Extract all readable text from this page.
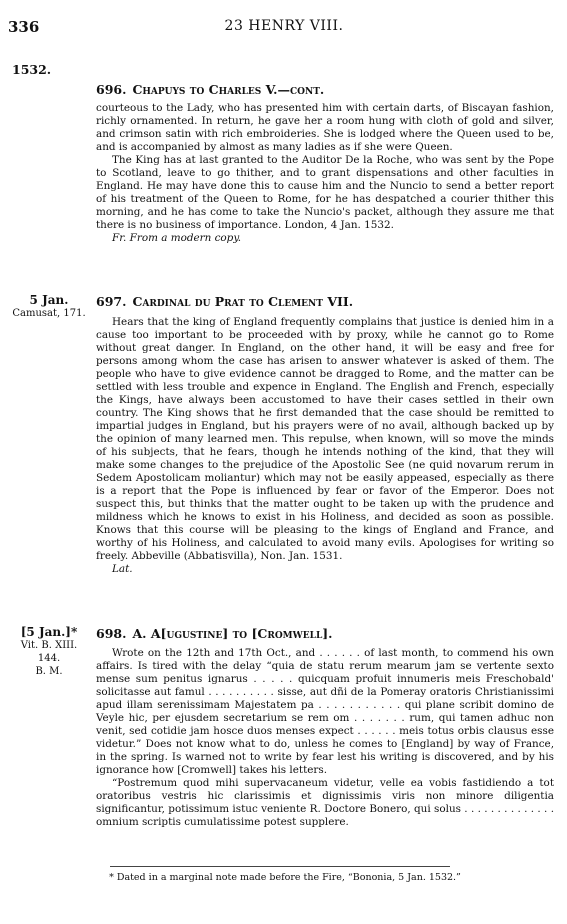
336	23 HENRY VIII.
1532.
696. Chapuys to Charles V.—cont.

courteous to the Lady, who has presented him with certain darts, of Biscayan fashion, richly ornamented. In return, he gave her a room hung with cloth of gold and silver, and crimson satin with rich embroideries. She is lodged where the Queen used to be, and is accompanied by almost as many ladies as if she were Queen.

The King has at last granted to the Auditor De la Roche, who was sent by the Pope to Scotland, leave to go thither, and to grant dispensations and other faculties in England. He may have done this to cause him and the Nuncio to send a better report of his treatment of the Queen to Rome, for he has despatched a courier thither this morning, and he has come to take the Nuncio's packet, although they assure me that there is no business of importance. London, 4 Jan. 1532.

Fr. From a modern copy.

5 Jan.
Camusat, 171.
697. Cardinal du Prat to Clement VII.

Hears that the king of England frequently complains that justice is denied him in a cause too important to be proceeded with by proxy, while he cannot go to Rome without great danger. In England, on the other hand, it will be easy and free for persons among whom the case has arisen to answer whatever is asked of them. The people who have to give evidence cannot be dragged to Rome, and the matter can be settled with less trouble and expence in England. The English and French, especially the Kings, have always been accustomed to have their cases settled in their own country. The King shows that he first demanded that the case should be remitted to impartial judges in England, but his prayers were of no avail, although backed up by the opinion of many learned men. This repulse, when known, will so move the minds of his subjects, that he fears, though he intends nothing of the kind, that they will make some changes to the prejudice of the Apostolic See (ne quid novarum rerum in Sedem Apostolicam moliantur) which may not be easily appeased, especially as there is a report that the Pope is influenced by fear or favor of the Emperor. Does not suspect this, but thinks that the matter ought to be taken up with the prudence and mildness which he knows to exist in his Holiness, and decided as soon as possible. Knows that this course will be pleasing to the kings of England and France, and worthy of his Holiness, and calculated to avoid many evils. Apologises for writing so freely. Abbeville (Abbatisvilla), Non. Jan. 1531.

Lat.

[5 Jan.]*
Vit. B. XIII.
144.
B. M.
698. A. A[ugustine] to [Cromwell].

Wrote on the 12th and 17th Oct., and . . . . . . of last month, to commend his own affairs. Is tired with the delay “quia de statu rerum mearum jam se vertente sexto mense sum penitus ignarus . . . . . quicquam profuit innumeris meis Freschobald' solicitasse aut famul . . . . . . . . . . sisse, aut dñi de la Pomeray oratoris Christianissimi apud illam serenissimam Majestatem pa . . . . . . . . . . . qui plane scribit domino de Veyle hic, per ejusdem secretarium se rem om . . . . . . . rum, qui tamen adhuc non venit, sed cotidie jam hosce duos menses expect . . . . . . meis totus orbis clausus esse videtur.” Does not know what to do, unless he comes to [England] by way of France, in the spring. Is warned not to write by fear lest his writing is discovered, and by his ignorance how [Cromwell] takes his letters.

“Postremum quod mihi supervacaneum videtur, velle ea vobis fastidiendo a tot oratoribus vestris hic clarissimis et dignissimis viris non minore diligentia significantur, potissimum istuc veniente R. Doctore Bonero, qui solus . . . . . . . . . . . . . . omnium scriptis cumulatissime potest supplere.

* Dated in a marginal note made before the Fire, “Bononia, 5 Jan. 1532.”
